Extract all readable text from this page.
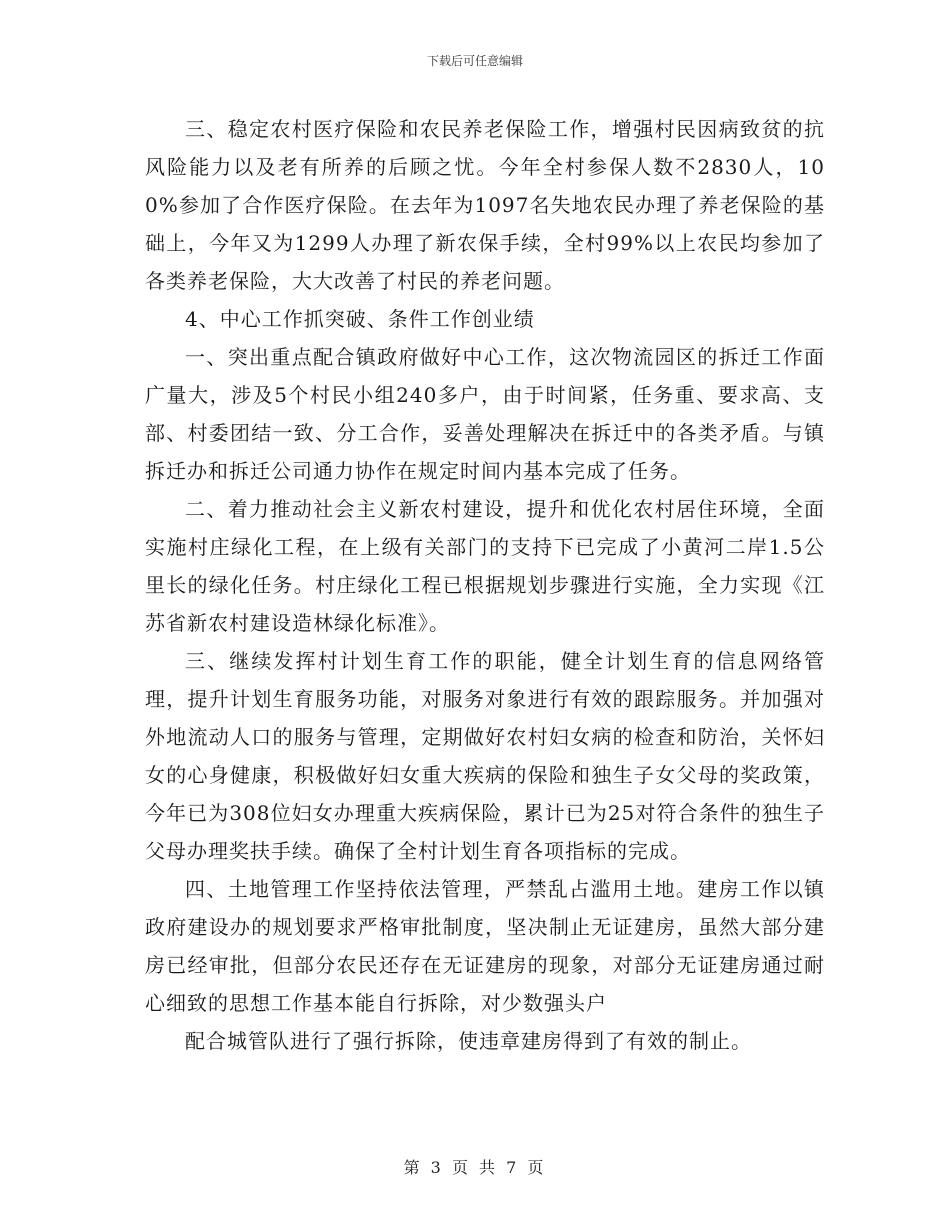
下载后可任意编辑

三、稳定农村医疗保险和农民养老保险工作，增强村民因病致贫的抗风险能力以及老有所养的后顾之忧。今年全村参保人数不2830人，100%参加了合作医疗保险。在去年为1097名失地农民办理了养老保险的基础上，今年又为1299人办理了新农保手续，全村99%以上农民均参加了各类养老保险，大大改善了村民的养老问题。

4、中心工作抓突破、条件工作创业绩

一、突出重点配合镇政府做好中心工作，这次物流园区的拆迁工作面广量大，涉及5个村民小组240多户，由于时间紧，任务重、要求高、支部、村委团结一致、分工合作，妥善处理解决在拆迁中的各类矛盾。与镇拆迁办和拆迁公司通力协作在规定时间内基本完成了任务。

二、着力推动社会主义新农村建设，提升和优化农村居住环境，全面实施村庄绿化工程，在上级有关部门的支持下已完成了小黄河二岸1.5公里长的绿化任务。村庄绿化工程已根据规划步骤进行实施，全力实现《江苏省新农村建设造林绿化标准》。

三、继续发挥村计划生育工作的职能，健全计划生育的信息网络管理，提升计划生育服务功能，对服务对象进行有效的跟踪服务。并加强对外地流动人口的服务与管理，定期做好农村妇女病的检查和防治，关怀妇女的心身健康，积极做好妇女重大疾病的保险和独生子女父母的奖政策，今年已为308位妇女办理重大疾病保险，累计已为25对符合条件的独生子父母办理奖扶手续。确保了全村计划生育各项指标的完成。

四、土地管理工作坚持依法管理，严禁乱占滥用土地。建房工作以镇政府建设办的规划要求严格审批制度，坚决制止无证建房，虽然大部分建房已经审批，但部分农民还存在无证建房的现象，对部分无证建房通过耐心细致的思想工作基本能自行拆除，对少数强头户

配合城管队进行了强行拆除，使违章建房得到了有效的制止。

第 3 页 共 7 页
